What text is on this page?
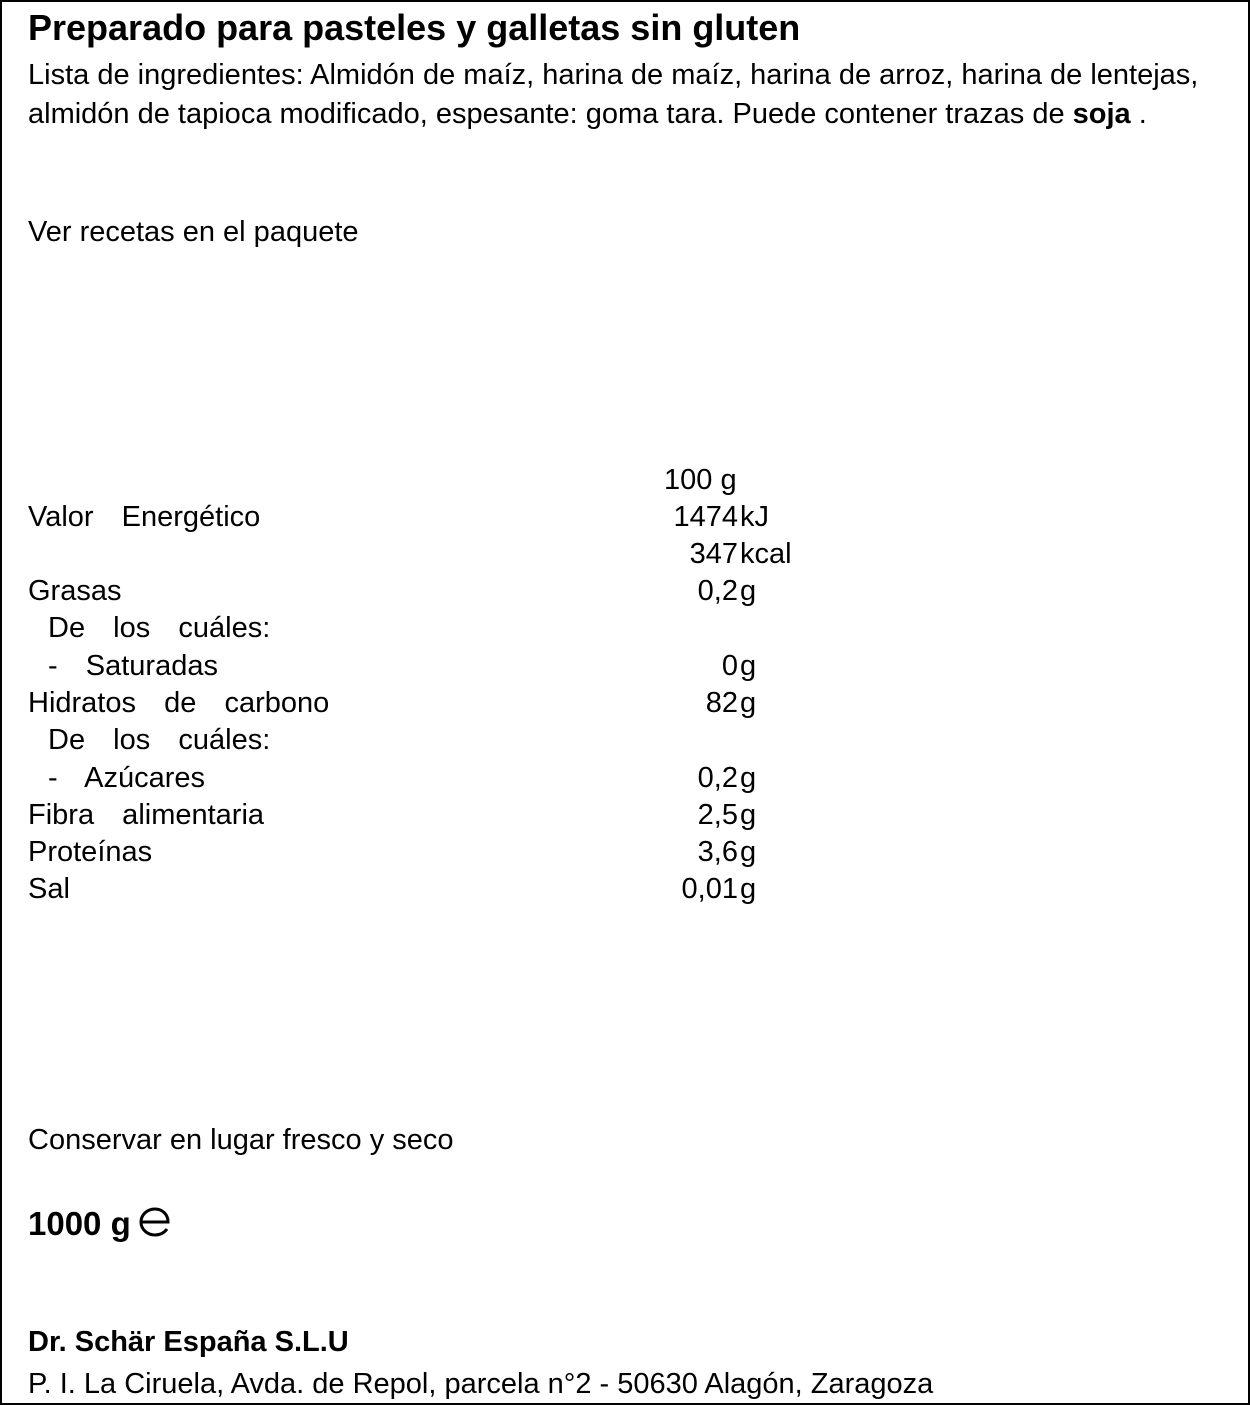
Preparado para pasteles y galletas sin gluten
Lista de ingredientes: Almidón de maíz, harina de maíz, harina de arroz, harina de lentejas, almidón de tapioca modificado, espesante: goma tara. Puede contener trazas de soja .
Ver recetas en el paquete
100 g
Valor  Energético	1474 kJ
347 kcal
Grasas	0,2 g
De  los  cuáles:
-  Saturadas	0 g
Hidratos  de  carbono	82 g
De  los  cuáles:
-  Azúcares	0,2 g
Fibra  alimentaria	2,5 g
Proteínas	3,6 g
Sal	0,01 g
Conservar en lugar fresco y seco
1000 g
Dr. Schär España S.L.U
P. I. La Ciruela, Avda. de Repol, parcela n°2 - 50630 Alagón, Zaragoza
